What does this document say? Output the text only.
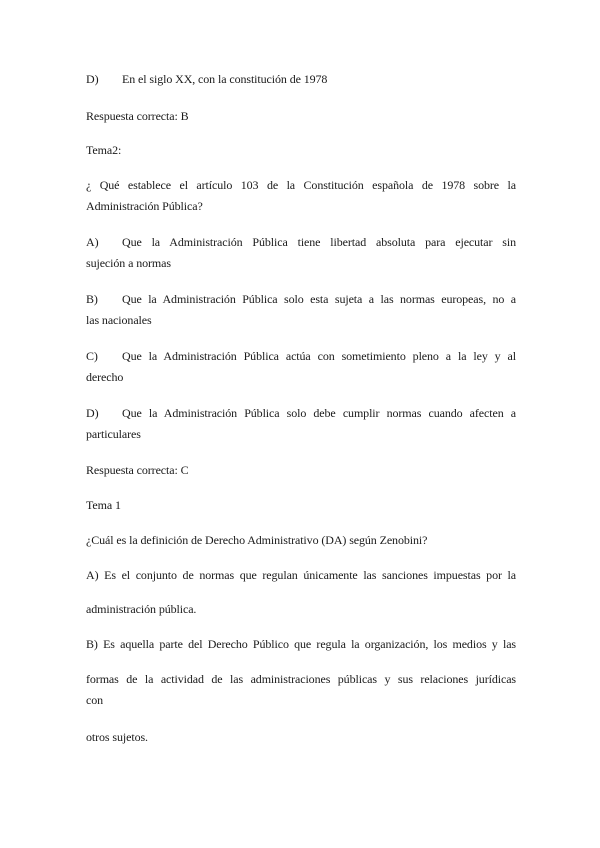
D) En el siglo XX, con la constitución de 1978
Respuesta correcta: B
Tema2:
¿ Qué establece el artículo 103 de la Constitución española de 1978 sobre la
Administración Pública?
A) Que la Administración Pública tiene libertad absoluta para ejecutar sin
sujeción a normas
B) Que la Administración Pública solo esta sujeta a las normas europeas, no a
las nacionales
C) Que la Administración Pública actúa con sometimiento pleno a la ley y al
derecho
D) Que la Administración Pública solo debe cumplir normas cuando afecten a
particulares
Respuesta correcta: C
Tema 1
¿Cuál es la definición de Derecho Administrativo (DA) según Zenobini?
A) Es el conjunto de normas que regulan únicamente las sanciones impuestas por la
administración pública.
B) Es aquella parte del Derecho Público que regula la organización, los medios y las
formas de la actividad de las administraciones públicas y sus relaciones jurídicas
con
otros sujetos.
